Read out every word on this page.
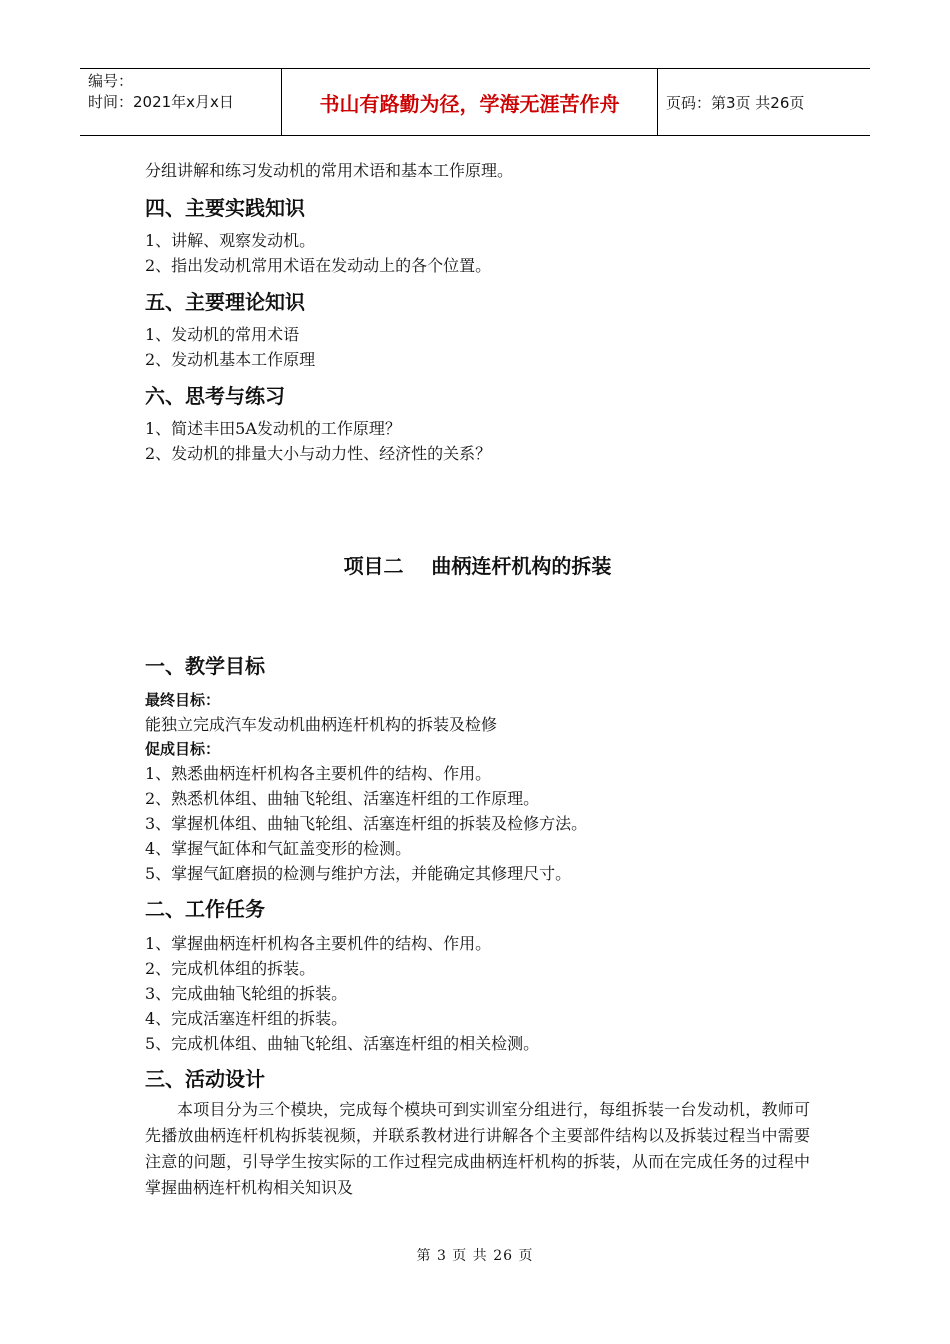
编号：
时间：2021年x月x日	书山有路勤为径，学海无涯苦作舟	页码：第3页 共26页

分组讲解和练习发动机的常用术语和基本工作原理。

四、主要实践知识

1、讲解、观察发动机。

2、指出发动机常用术语在发动动上的各个位置。

五、主要理论知识

1、发动机的常用术语

2、发动机基本工作原理

六、思考与练习

1、简述丰田5A发动机的工作原理？

2、发动机的排量大小与动力性、经济性的关系？

项目二    曲柄连杆机构的拆装
一、教学目标

最终目标：

能独立完成汽车发动机曲柄连杆机构的拆装及检修

促成目标：

1、熟悉曲柄连杆机构各主要机件的结构、作用。

2、熟悉机体组、曲轴飞轮组、活塞连杆组的工作原理。

3、掌握机体组、曲轴飞轮组、活塞连杆组的拆装及检修方法。

4、掌握气缸体和气缸盖变形的检测。

5、掌握气缸磨损的检测与维护方法，并能确定其修理尺寸。

二、工作任务

1、掌握曲柄连杆机构各主要机件的结构、作用。

2、完成机体组的拆装。

3、完成曲轴飞轮组的拆装。

4、完成活塞连杆组的拆装。

5、完成机体组、曲轴飞轮组、活塞连杆组的相关检测。

三、活动设计

本项目分为三个模块，完成每个模块可到实训室分组进行，每组拆装一台发动机，教师可先播放曲柄连杆机构拆装视频，并联系教材进行讲解各个主要部件结构以及拆装过程当中需要注意的问题，引导学生按实际的工作过程完成曲柄连杆机构的拆装，从而在完成任务的过程中掌握曲柄连杆机构相关知识及

第 3 页 共 26 页
